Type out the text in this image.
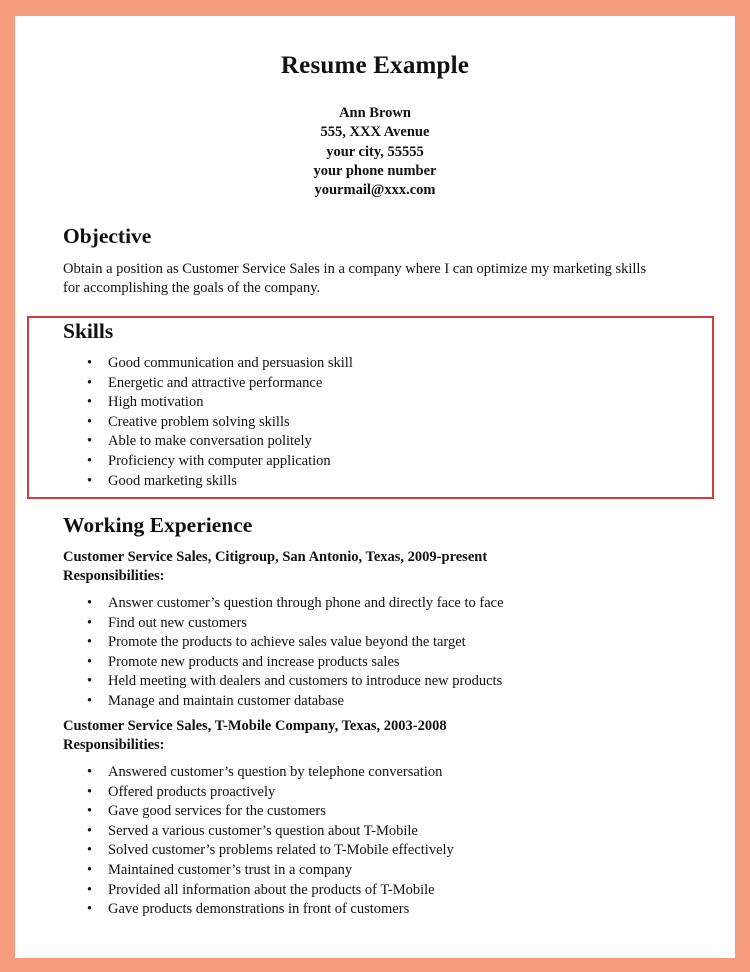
Resume Example
Ann Brown
555, XXX Avenue
your city, 55555
your phone number
yourmail@xxx.com
Objective
Obtain a position as Customer Service Sales in a company where I can optimize my marketing skills
for accomplishing the goals of the company.
Skills
• Good communication and persuasion skill
• Energetic and attractive performance
• High motivation
• Creative problem solving skills
• Able to make conversation politely
• Proficiency with computer application
• Good marketing skills
Working Experience
Customer Service Sales, Citigroup, San Antonio, Texas, 2009-present
Responsibilities:
• Answer customer’s question through phone and directly face to face
• Find out new customers
• Promote the products to achieve sales value beyond the target
• Promote new products and increase products sales
• Held meeting with dealers and customers to introduce new products
• Manage and maintain customer database
Customer Service Sales, T-Mobile Company, Texas, 2003-2008
Responsibilities:
• Answered customer’s question by telephone conversation
• Offered products proactively
• Gave good services for the customers
• Served a various customer’s question about T-Mobile
• Solved customer’s problems related to T-Mobile effectively
• Maintained customer’s trust in a company
• Provided all information about the products of T-Mobile
• Gave products demonstrations in front of customers
